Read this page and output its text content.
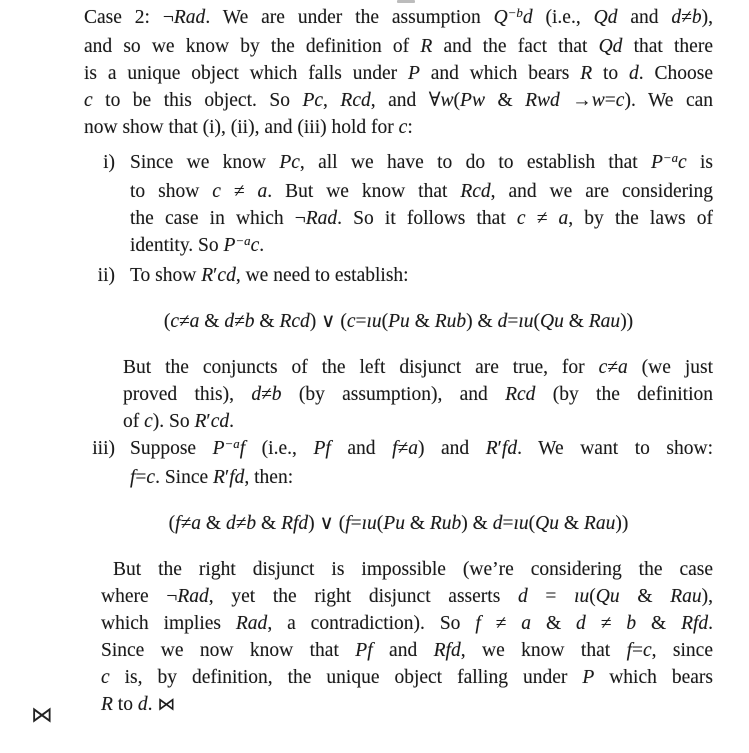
Case 2: ¬Rad. We are under the assumption $Q^{-b}d$ (i.e., Qd and d≠b),
and so we know by the definition of R and the fact that Qd that there
is a unique object which falls under P and which bears R to d. Choose
c to be this object. So Pc, Rcd, and ∀w(Pw & Rwd →w=c). We can
now show that (i), (ii), and (iii) hold for c:
i) Since we know Pc, all we have to do to establish that $P^{-a}c$ is
to show c ≠ a. But we know that Rcd, and we are considering
the case in which ¬Rad. So it follows that c ≠ a, by the laws of
identity. So $P^{-a}c$.
ii) To show R′cd, we need to establish:
(c≠a & d≠b & Rcd) ∨ (c=ıu(Pu & Rub) & d=ıu(Qu & Rau))
But the conjuncts of the left disjunct are true, for c≠a (we just
proved this), d≠b (by assumption), and Rcd (by the definition
of c). So R′cd.
iii) Suppose $P^{-a}f$ (i.e., Pf and f≠a) and R′fd. We want to show:
f=c. Since R′fd, then:
(f≠a & d≠b & Rfd) ∨ (f=ıu(Pu & Rub) & d=ıu(Qu & Rau))
But the right disjunct is impossible (we’re considering the case
where ¬Rad, yet the right disjunct asserts d = ıu(Qu & Rau),
which implies Rad, a contradiction). So f ≠ a & d ≠ b & Rfd.
Since we now know that Pf and Rfd, we know that f=c, since
c is, by definition, the unique object falling under P which bears
R to d. ⋈
⋈
